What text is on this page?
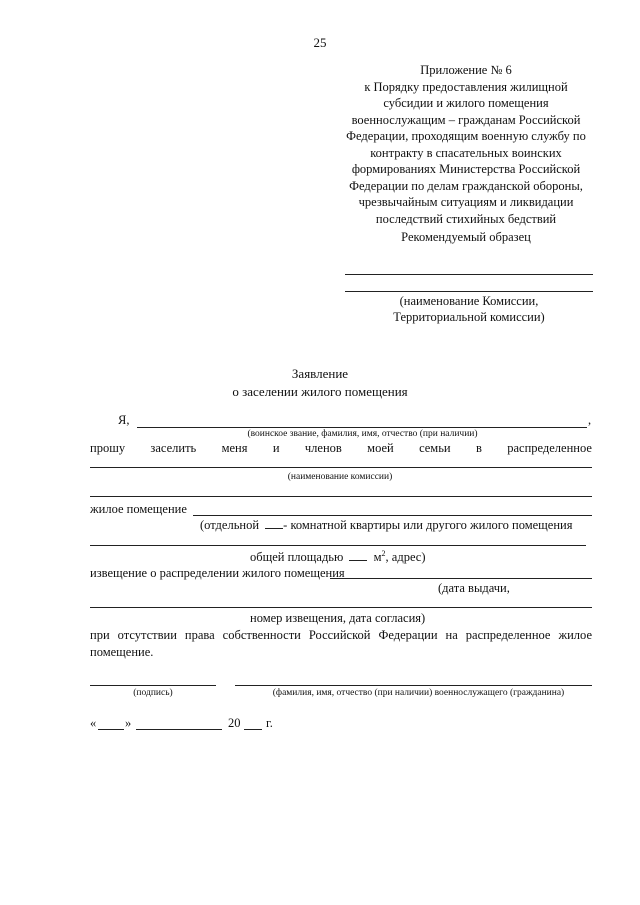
25
Приложение № 6
к Порядку предоставления жилищной
субсидии и жилого помещения
военнослужащим – гражданам Российской
Федерации, проходящим военную службу по
контракту в спасательных воинских
формированиях Министерства Российской
Федерации по делам гражданской обороны,
чрезвычайным ситуациям и ликвидации
последствий стихийных бедствий
Рекомендуемый образец
(наименование Комиссии,
Территориальной комиссии)
Заявление
о заселении жилого помещения
Я,	,
(воинское звание, фамилия, имя, отчество (при наличии)
прошу заселить меня и членов моей семьи в распределенное
(наименование комиссии)
жилое помещение
(отдельной - комнатной квартиры или другого жилого помещения
общей площадью $м^2$, адрес)
извещение о распределении жилого помещения
(дата выдачи,
номер извещения, дата согласия)
при отсутствии права собственности Российской Федерации на распределенное жилое помещение.
(подпись)	(фамилия, имя, отчество (при наличии) военнослужащего (гражданина)
« »	20 г.
